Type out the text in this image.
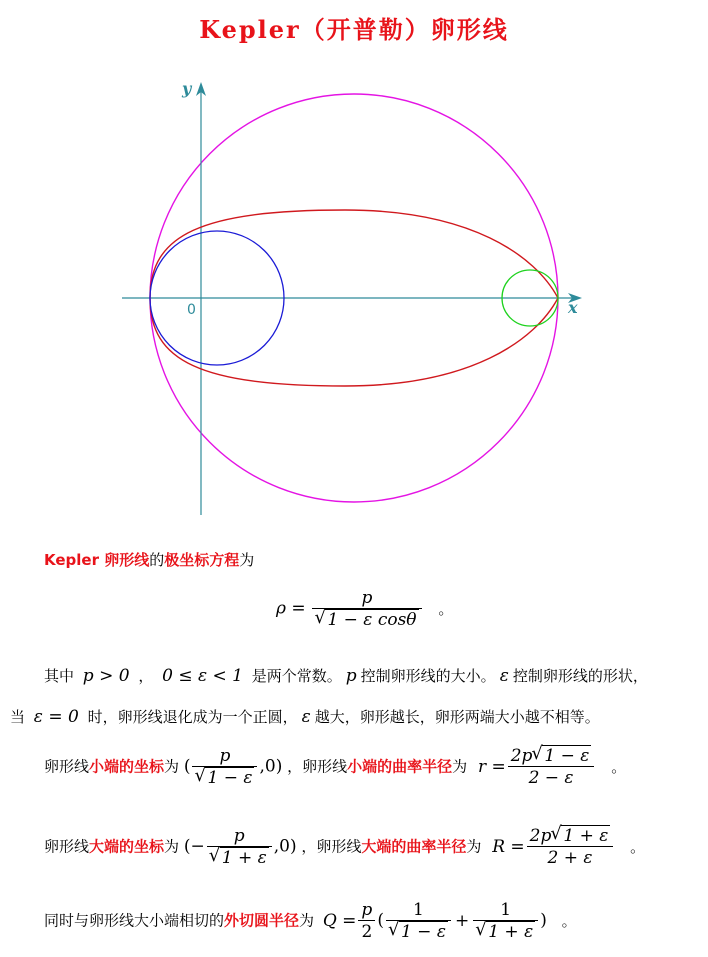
Kepler（开普勒）卵形线
x
y
0
Kepler 卵形线的极坐标方程为
ρ = p
√ 1 − ε cosθ 。
其中 p > 0 ， 0 ≤ ε < 1 是两个常数。 p 控制卵形线的大小。 ε 控制卵形线的形状，
当 ε = 0 时，卵形线退化成为一个正圆， ε 越大，卵形越长，卵形两端大小越不相等。
卵形线小端的坐标为 ( p
√ 1 − ε ,0) ，卵形线小端的曲率半径为 $r = \frac{2p √ 1 - \varepsilon}{2 - \varepsilon}$ 。
卵形线大端的坐标为 (− p
√ 1 + ε ,0) ，卵形线大端的曲率半径为 $R = \frac{2p √ 1 + \varepsilon}{2 + \varepsilon}$ 。
同时与卵形线大小端相切的外切圆半径为 $Q = \frac{p}{2}$ ( 1
√ 1 − ε + 1
√ 1 + ε ) 。
